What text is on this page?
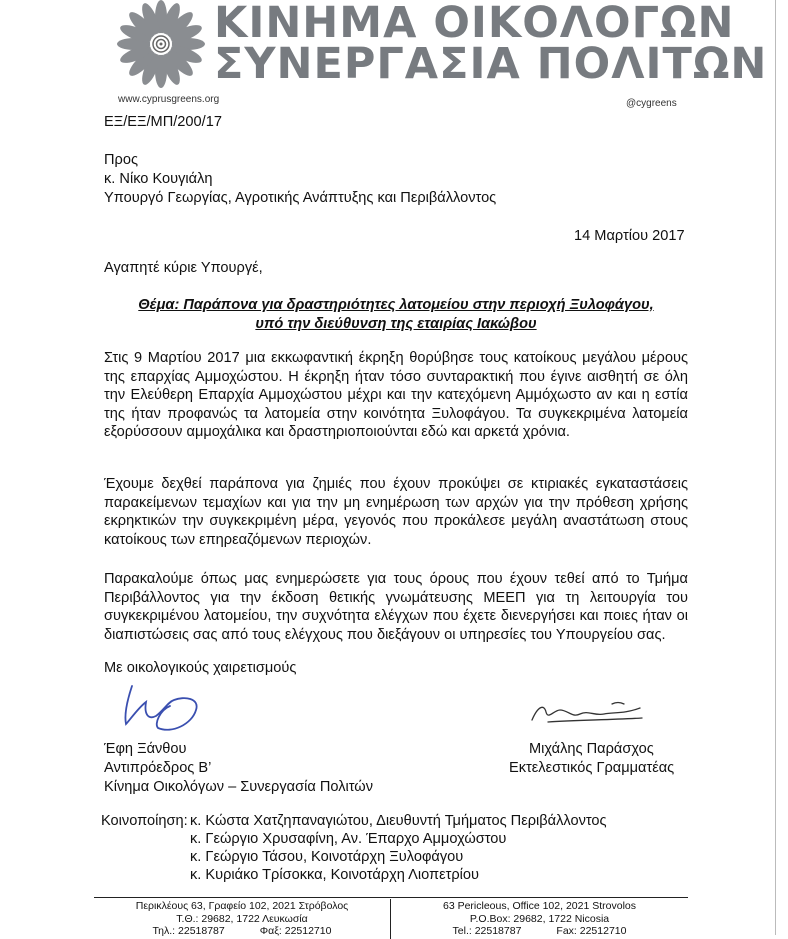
ΚΙΝΗΜΑ ΟΙΚΟΛΟΓΩΝ
ΣΥΝΕΡΓΑΣΙΑ ΠΟΛΙΤΩΝ
www.cyprusgreens.org	@cygreens
ΕΞ/ΕΞ/ΜΠ/200/17
Προς
κ. Νίκο Κουγιάλη
Υπουργό Γεωργίας, Αγροτικής Ανάπτυξης και Περιβάλλοντος
14 Μαρτίου 2017
Αγαπητέ κύριε Υπουργέ,
Θέμα: Παράπονα για δραστηριότητες λατομείου στην περιοχή Ξυλοφάγου,
υπό την διεύθυνση της εταιρίας Ιακώβου
Στις 9 Μαρτίου 2017 μια εκκωφαντική έκρηξη θορύβησε τους κατοίκους μεγάλου μέρους της επαρχίας Αμμοχώστου. Η έκρηξη ήταν τόσο συνταρακτική που έγινε αισθητή σε όλη την Ελεύθερη Επαρχία Αμμοχώστου μέχρι και την κατεχόμενη Αμμόχωστο αν και η εστία της ήταν προφανώς τα λατομεία στην κοινότητα Ξυλοφάγου. Τα συγκεκριμένα λατομεία εξορύσσουν αμμοχάλικα και δραστηριοποιούνται εδώ και αρκετά χρόνια.
Έχουμε δεχθεί παράπονα για ζημιές που έχουν προκύψει σε κτιριακές εγκαταστάσεις παρακείμενων τεμαχίων και για την μη ενημέρωση των αρχών για την πρόθεση χρήσης εκρηκτικών την συγκεκριμένη μέρα, γεγονός που προκάλεσε μεγάλη αναστάτωση στους κατοίκους των επηρεαζόμενων περιοχών.
Παρακαλούμε όπως μας ενημερώσετε για τους όρους που έχουν τεθεί από το Τμήμα Περιβάλλοντος για την έκδοση θετικής γνωμάτευσης ΜΕΕΠ για τη λειτουργία του συγκεκριμένου λατομείου, την συχνότητα ελέγχων που έχετε διενεργήσει και ποιες ήταν οι διαπιστώσεις σας από τους ελέγχους που διεξάγουν οι υπηρεσίες του Υπουργείου σας.
Με οικολογικούς χαιρετισμούς
Έφη Ξάνθου
Αντιπρόεδρος Β’
Κίνημα Οικολόγων – Συνεργασία Πολιτών
Μιχάλης Παράσχος
Εκτελεστικός Γραμματέας
Κοινοποίηση: κ. Κώστα Χατζηπαναγιώτου, Διευθυντή Τμήματος Περιβάλλοντος
κ. Γεώργιο Χρυσαφίνη, Αν. Έπαρχο Αμμοχώστου
κ. Γεώργιο Τάσου, Κοινοτάρχη Ξυλοφάγου
κ. Κυριάκο Τρίσοκκα, Κοινοτάρχη Λιοπετρίου
Περικλέους 63, Γραφείο 102, 2021 Στρόβολος
Τ.Θ.: 29682, 1722 Λευκωσία
Τηλ.: 22518787            Φαξ: 22512710
63 Pericleous, Office 102, 2021 Strovolos
P.O.Box: 29682, 1722 Nicosia
Tel.: 22518787            Fax: 22512710
